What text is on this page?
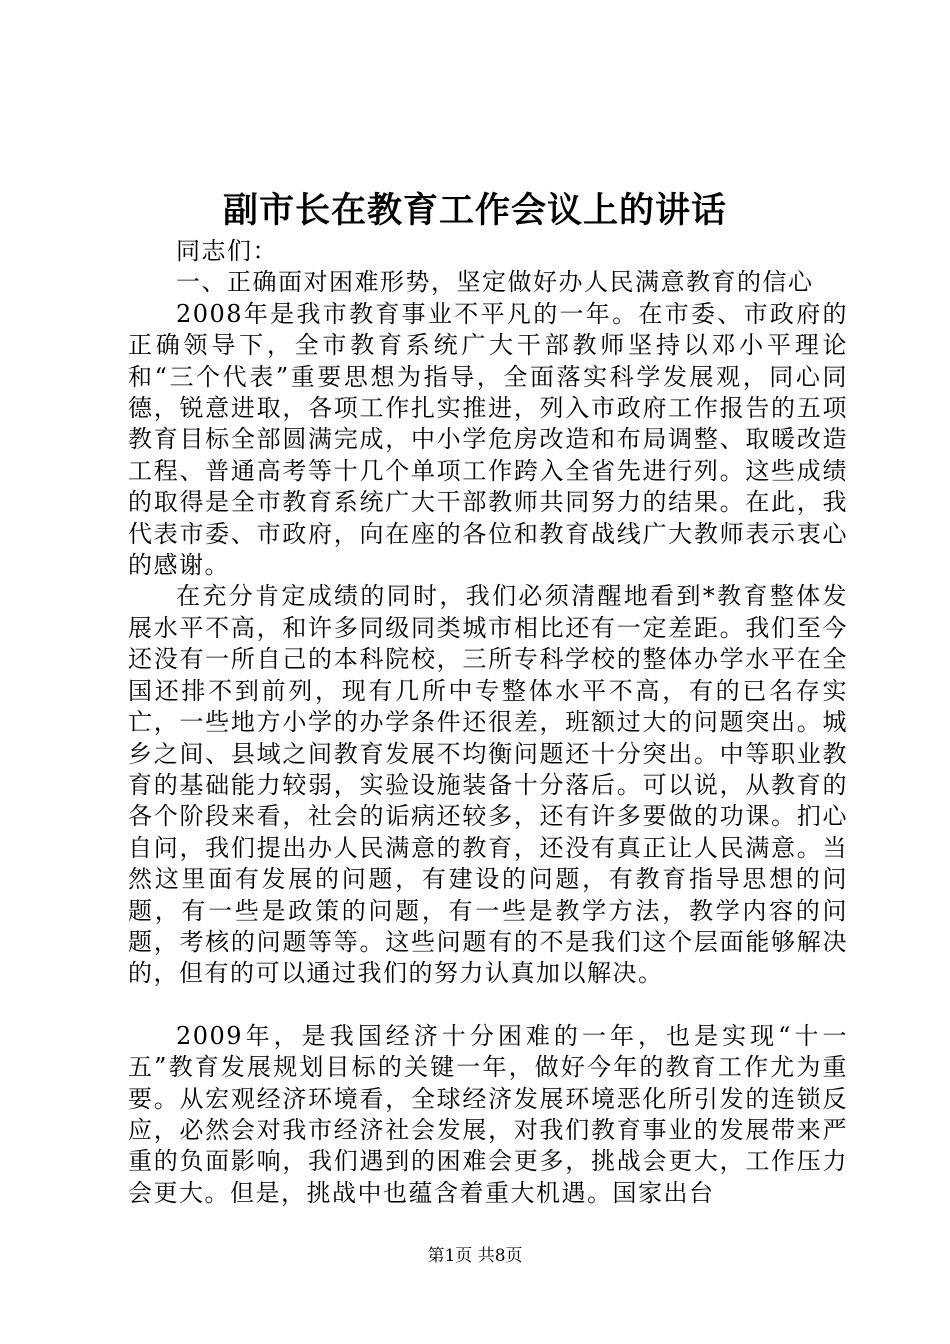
副市长在教育工作会议上的讲话

同志们：

一、正确面对困难形势，坚定做好办人民满意教育的信心

2008年是我市教育事业不平凡的一年。在市委、市政府的正确领导下，全市教育系统广大干部教师坚持以邓小平理论和“三个代表”重要思想为指导，全面落实科学发展观，同心同德，锐意进取，各项工作扎实推进，列入市政府工作报告的五项教育目标全部圆满完成，中小学危房改造和布局调整、取暖改造工程、普通高考等十几个单项工作跨入全省先进行列。这些成绩的取得是全市教育系统广大干部教师共同努力的结果。在此，我代表市委、市政府，向在座的各位和教育战线广大教师表示衷心的感谢。

在充分肯定成绩的同时，我们必须清醒地看到*教育整体发展水平不高，和许多同级同类城市相比还有一定差距。我们至今还没有一所自己的本科院校，三所专科学校的整体办学水平在全国还排不到前列，现有几所中专整体水平不高，有的已名存实亡，一些地方小学的办学条件还很差，班额过大的问题突出。城乡之间、县域之间教育发展不均衡问题还十分突出。中等职业教育的基础能力较弱，实验设施装备十分落后。可以说，从教育的各个阶段来看，社会的诟病还较多，还有许多要做的功课。扪心自问，我们提出办人民满意的教育，还没有真正让人民满意。当然这里面有发展的问题，有建设的问题，有教育指导思想的问题，有一些是政策的问题，有一些是教学方法，教学内容的问题，考核的问题等等。这些问题有的不是我们这个层面能够解决的，但有的可以通过我们的努力认真加以解决。

2009年，是我国经济十分困难的一年，也是实现“十一五”教育发展规划目标的关键一年，做好今年的教育工作尤为重要。从宏观经济环境看，全球经济发展环境恶化所引发的连锁反应，必然会对我市经济社会发展，对我们教育事业的发展带来严重的负面影响，我们遇到的困难会更多，挑战会更大，工作压力会更大。但是，挑战中也蕴含着重大机遇。国家出台

第1页 共8页
